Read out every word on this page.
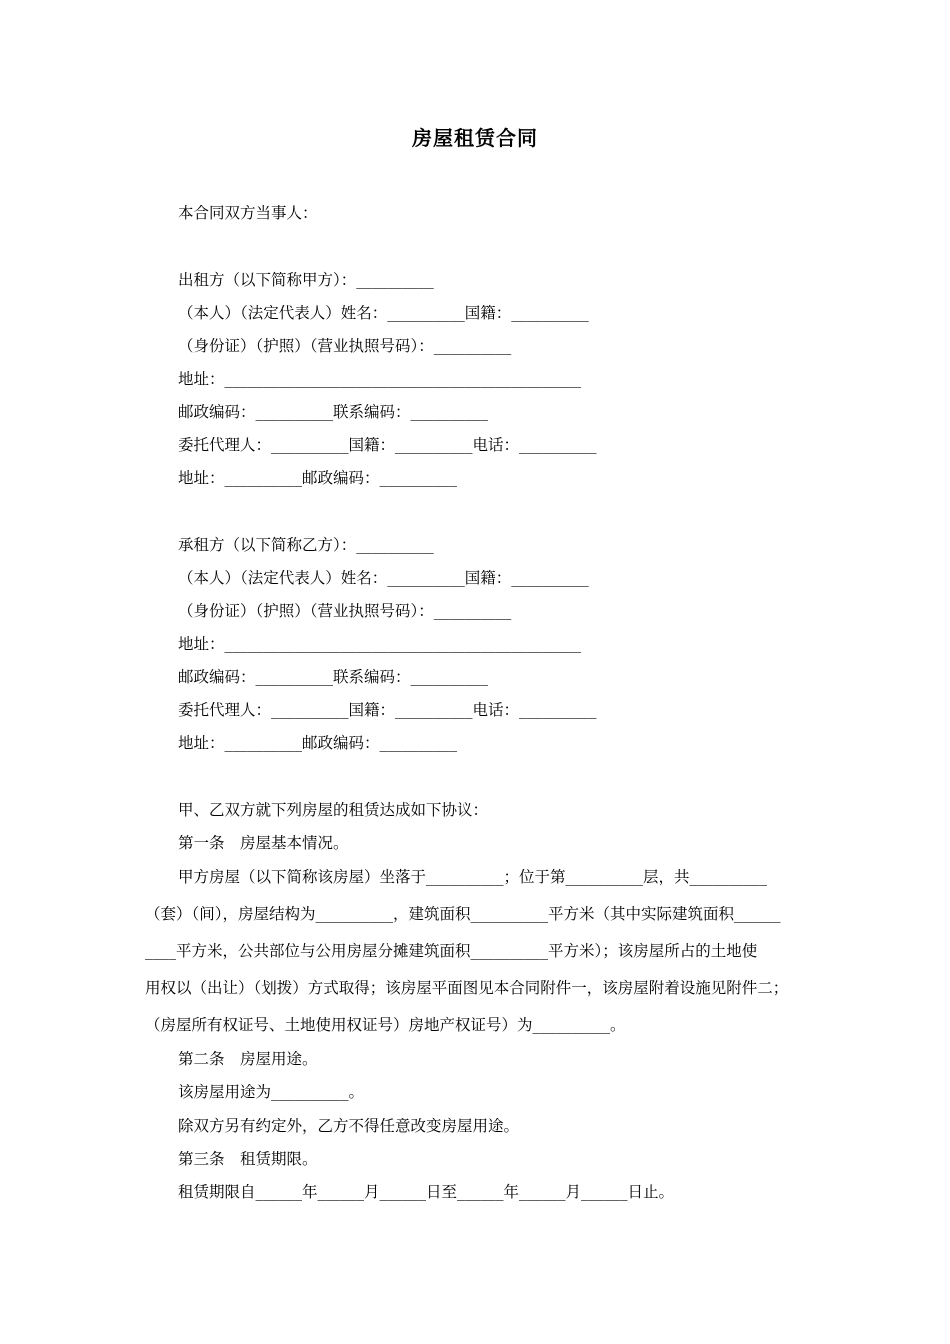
房屋租赁合同
本合同双方当事人：
出租方（以下简称甲方）：__________
（本人）（法定代表人）姓名：__________国籍：__________
（身份证）（护照）（营业执照号码）：__________
地址：______________________________________________
邮政编码：__________联系编码：__________
委托代理人：__________国籍：__________电话：__________
地址：__________邮政编码：__________
承租方（以下简称乙方）：__________
（本人）（法定代表人）姓名：__________国籍：__________
（身份证）（护照）（营业执照号码）：__________
地址：______________________________________________
邮政编码：__________联系编码：__________
委托代理人：__________国籍：__________电话：__________
地址：__________邮政编码：__________
甲、乙双方就下列房屋的租赁达成如下协议：
第一条　房屋基本情况。
甲方房屋（以下简称该房屋）坐落于__________；位于第__________层，共__________
（套）（间），房屋结构为__________，建筑面积__________平方米（其中实际建筑面积______
____平方米，公共部位与公用房屋分摊建筑面积__________平方米）；该房屋所占的土地使
用权以（出让）（划拨）方式取得；该房屋平面图见本合同附件一，该房屋附着设施见附件二；
（房屋所有权证号、土地使用权证号）房地产权证号）为__________。
第二条　房屋用途。
该房屋用途为__________。
除双方另有约定外，乙方不得任意改变房屋用途。
第三条　租赁期限。
租赁期限自______年______月______日至______年______月______日止。
